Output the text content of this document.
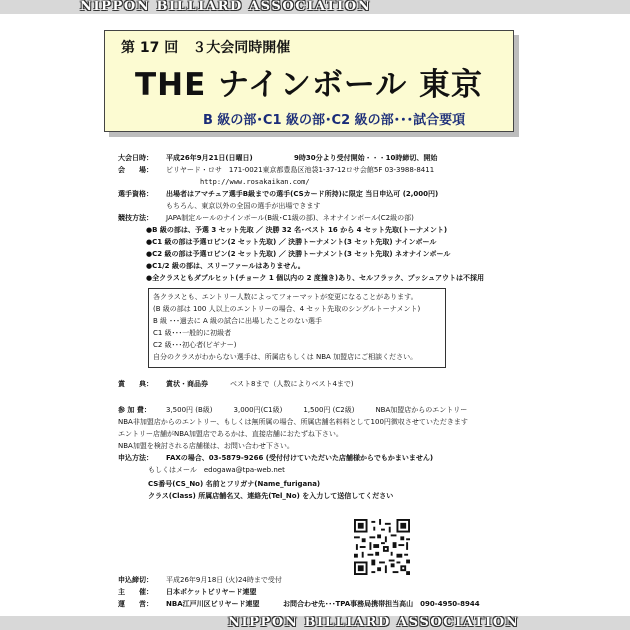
NIPPON BILLIARD ASSOCIATION
第 17 回　３大会同時開催
THE ナインボール 東京
B 級の部･C1 級の部･C2 級の部･･･試合要項
大会日時： 平成26年9月21日(日曜日)	9時30分より受付開始・・・10時締切、開始
会　　場： ビリヤード・ロサ　171-0021東京都豊島区池袋1-37-12ロサ会館5F 03-3988-8411
http://www.rosakaikan.com/
選手資格： 出場者はアマチュア選手B級までの選手(CSカード所持)に限定 当日申込可 (2,000円)
もちろん、東京以外の全国の選手が出場できます
競技方法： JAPA制定ルールのナインボール(B級･C1級の部)、ネオナインボール(C2級の部)
●B 級の部は、予選 3 セット先取 ／ 決勝 32 名･ベスト 16 から 4 セット先取(トーナメント)
●C1 級の部は予選ロビン(2 セット先取) ／ 決勝トーナメント(3 セット先取) ナインボール
●C2 級の部は予選ロビン(2 セット先取) ／ 決勝トーナメント(3 セット先取) ネオナインボール
●C1/2 級の部は、スリーファールはありません。
●全クラスともダブルヒット(チョーク 1 個以内の 2 度撞き)あり、セルフラック、プッシュアウトは不採用
各クラスとも、エントリー人数によってフォーマットが変更になることがあります。
(B 級の部は 100 人以上のエントリーの場合、4 セット先取のシングルトーナメント)
B 級 ･･･過去に A 級の試合に出場したことのない選手
C1 級･･･一般的に初級者
C2 級･･･初心者(ビギナー)
自分のクラスがわからない選手は、所属店もしくは NBA 加盟店にご相談ください。
賞　　典： 賞状・商品券	ベスト8まで（人数によりベスト4まで)
参 加 費： 3,500円 (B級)　　　3,000円(C1級)　　　1,500円 (C2級)　　　NBA加盟店からのエントリー
NBA非加盟店からのエントリー、もしくは無所属の場合、所属店舗名料料として100円徴収させていただきます
エントリー店舗がNBA加盟店であるかは、直接店舗におたずね下さい。
NBA加盟を検討される店舗様は、お問い合わせ下さい。
申込方法： FAXの場合、03-5879-9266 (受付付けていただいた店舗様からでもかまいません)
もしくはメール　edogawa@tpa-web.net
CS番号(CS_No) 名前とフリガナ(Name_furigana)
クラス(Class) 所属店舗名又、連絡先(Tel_No) を入力して送信してください
申込締切： 平成26年9月18日 (火)24時まで受付
主　　催： 日本ポケットビリヤード連盟
運　　営： NBA江戸川区ビリヤード連盟	お問合わせ先･･･TPA事務局携帯担当高山　090-4950-8944
NIPPON BILLIARD ASSOCIATION
